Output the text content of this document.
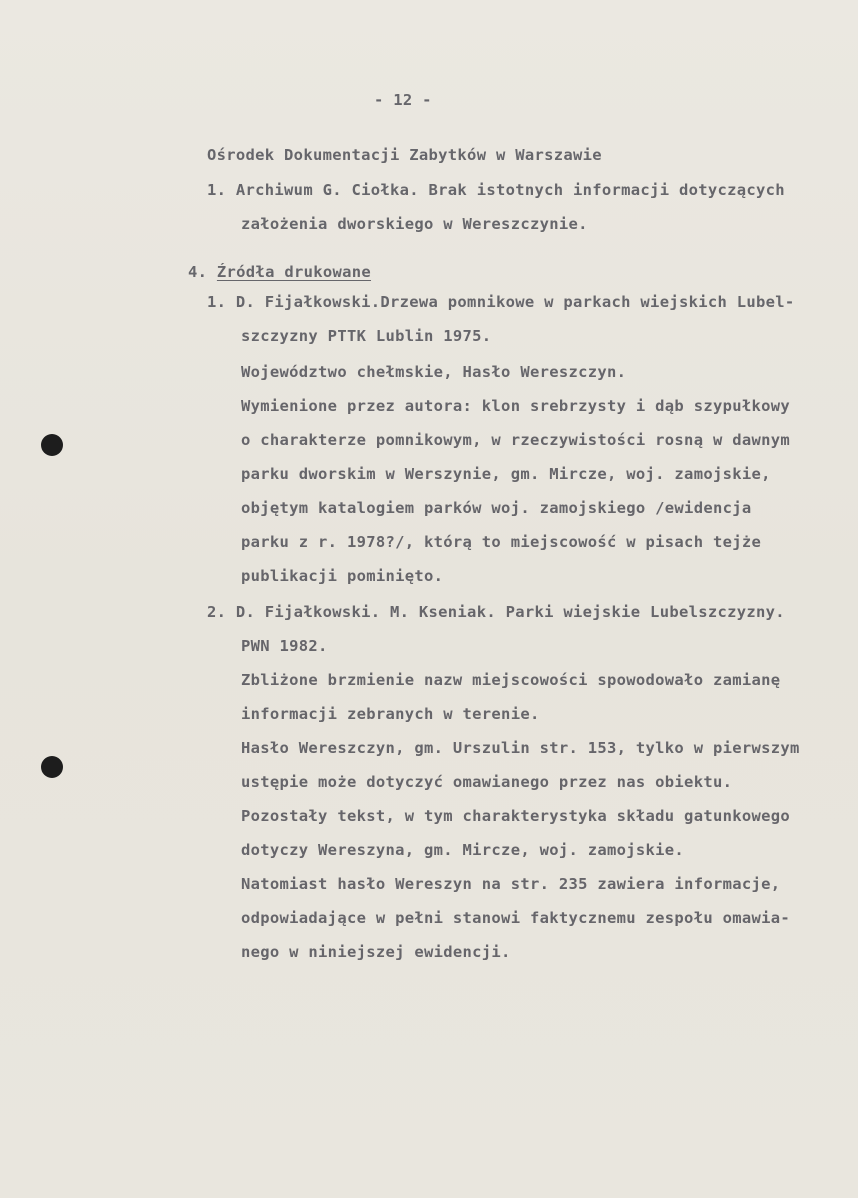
- 12 -
Ośrodek Dokumentacji Zabytków w Warszawie
1. Archiwum G. Ciołka. Brak istotnych informacji dotyczących
założenia dworskiego w Wereszczynie.
4. Źródła drukowane
1. D. Fijałkowski.Drzewa pomnikowe w parkach wiejskich Lubel-
szczyzny PTTK Lublin 1975.
Województwo chełmskie, Hasło Wereszczyn.
Wymienione przez autora: klon srebrzysty i dąb szypułkowy
o charakterze pomnikowym, w rzeczywistości rosną w dawnym
parku dworskim w Werszynie, gm. Mircze, woj. zamojskie,
objętym katalogiem parków woj. zamojskiego /ewidencja
parku z r. 1978?/, którą to miejscowość w pisach tejże
publikacji pominięto.
2. D. Fijałkowski. M. Kseniak. Parki wiejskie Lubelszczyzny.
PWN 1982.
Zbliżone brzmienie nazw miejscowości spowodowało zamianę
informacji zebranych w terenie.
Hasło Wereszczyn, gm. Urszulin str. 153, tylko w pierwszym
ustępie może dotyczyć omawianego przez nas obiektu.
Pozostały tekst, w tym charakterystyka składu gatunkowego
dotyczy Wereszyna, gm. Mircze, woj. zamojskie.
Natomiast hasło Wereszyn na str. 235 zawiera informacje,
odpowiadające w pełni stanowi faktycznemu zespołu omawia-
nego w niniejszej ewidencji.
